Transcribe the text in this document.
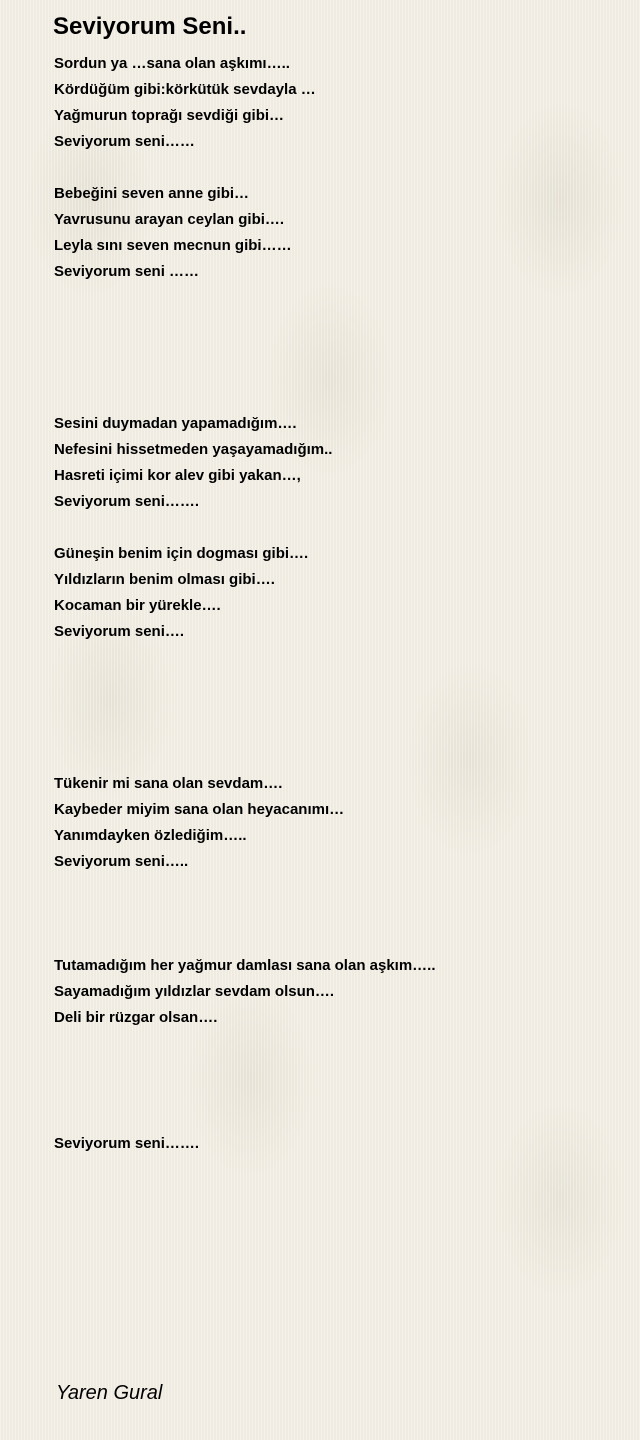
Seviyorum Seni..

Sordun ya …sana olan aşkımı…..

Kördüğüm gibi:körkütük sevdayla …

Yağmurun toprağı sevdiği gibi…

Seviyorum seni……

Bebeğini seven anne gibi…

Yavrusunu arayan ceylan gibi….

Leyla sını seven mecnun gibi……

Seviyorum seni ……

Sesini duymadan yapamadığım….

Nefesini hissetmeden yaşayamadığım..

Hasreti içimi kor alev gibi yakan…,

Seviyorum seni…….

Güneşin benim için dogması gibi….

Yıldızların benim olması gibi….

Kocaman bir yürekle….

Seviyorum seni….

Tükenir mi sana olan sevdam….

Kaybeder miyim sana olan heyacanımı…

Yanımdayken özlediğim…..

Seviyorum seni…..

Tutamadığım her yağmur damlası sana olan aşkım…..

Sayamadığım yıldızlar sevdam olsun….

Deli bir rüzgar olsan….

Seviyorum seni…….

Yaren Gural
